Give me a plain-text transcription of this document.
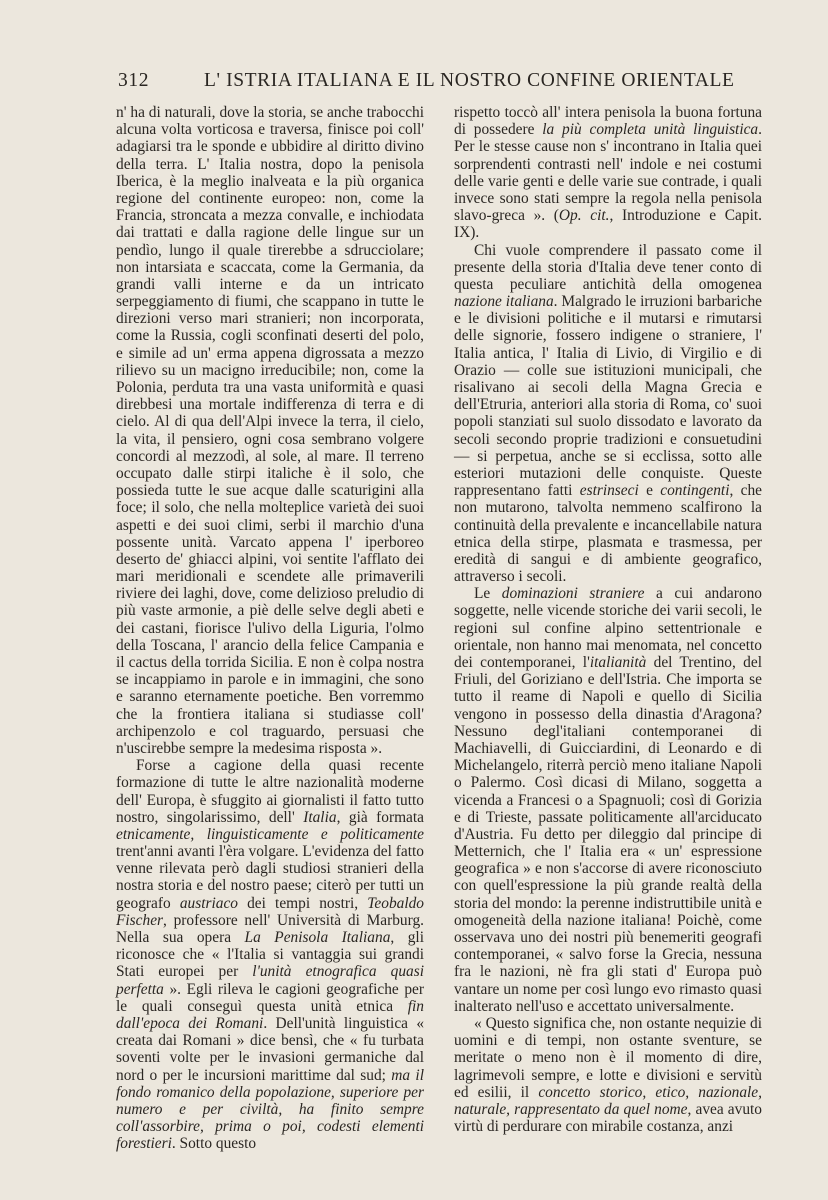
312	L' ISTRIA ITALIANA E IL NOSTRO CONFINE ORIENTALE

n' ha di naturali, dove la storia, se anche trabocchi alcuna volta vorticosa e traversa, finisce poi coll' adagiarsi tra le sponde e ubbidire al diritto divino della terra. L' Italia nostra, dopo la penisola Iberica, è la meglio inalveata e la più organica regione del continente europeo: non, come la Francia, stroncata a mezza convalle, e inchiodata dai trattati e dalla ragione delle lingue sur un pendìo, lungo il quale tirerebbe a sdrucciolare; non intarsiata e scaccata, come la Germania, da grandi valli interne e da un intricato serpeggiamento di fiumi, che scappano in tutte le direzioni verso mari stranieri; non incorporata, come la Russia, cogli sconfinati deserti del polo, e simile ad un' erma appena digrossata a mezzo rilievo su un macigno irreducibile; non, come la Polonia, perduta tra una vasta uniformità e quasi direbbesi una mortale indifferenza di terra e di cielo. Al di qua dell'Alpi invece la terra, il cielo, la vita, il pensiero, ogni cosa sembrano volgere concordi al mezzodì, al sole, al mare. Il terreno occupato dalle stirpi italiche è il solo, che possieda tutte le sue acque dalle scaturigini alla foce; il solo, che nella molteplice varietà dei suoi aspetti e dei suoi climi, serbi il marchio d'una possente unità. Varcato appena l' iperboreo deserto de' ghiacci alpini, voi sentite l'afflato dei mari meridionali e scendete alle primaverili riviere dei laghi, dove, come delizioso preludio di più vaste armonie, a piè delle selve degli abeti e dei castani, fiorisce l'ulivo della Liguria, l'olmo della Toscana, l' arancio della felice Campania e il cactus della torrida Sicilia. E non è colpa nostra se incappiamo in parole e in immagini, che sono e saranno eternamente poetiche. Ben vorremmo che la frontiera italiana si studiasse coll' archipenzolo e col traguardo, persuasi che n'uscirebbe sempre la medesima risposta ».

Forse a cagione della quasi recente formazione di tutte le altre nazionalità moderne dell' Europa, è sfuggito ai giornalisti il fatto tutto nostro, singolarissimo, dell' Italia, già formata etnicamente, linguisticamente e politicamente trent'anni avanti l'èra volgare. L'evidenza del fatto venne rilevata però dagli studiosi stranieri della nostra storia e del nostro paese; citerò per tutti un geografo austriaco dei tempi nostri, Teobaldo Fischer, professore nell' Università di Marburg. Nella sua opera La Penisola Italiana, gli riconosce che « l'Italia si vantaggia sui grandi Stati europei per l'unità etnografica quasi perfetta ». Egli rileva le cagioni geografiche per le quali conseguì questa unità etnica fin dall'epoca dei Romani. Dell'unità linguistica « creata dai Romani » dice bensì, che « fu turbata soventi volte per le invasioni germaniche dal nord o per le incursioni marittime dal sud; ma il fondo romanico della popolazione, superiore per numero e per civiltà, ha finito sempre coll'assorbire, prima o poi, codesti elementi forestieri. Sotto questo

rispetto toccò all' intera penisola la buona fortuna di possedere la più completa unità linguistica. Per le stesse cause non s' incontrano in Italia quei sorprendenti contrasti nell' indole e nei costumi delle varie genti e delle varie sue contrade, i quali invece sono stati sempre la regola nella penisola slavo-greca ». (Op. cit., Introduzione e Capit. IX).

Chi vuole comprendere il passato come il presente della storia d'Italia deve tener conto di questa peculiare antichità della omogenea nazione italiana. Malgrado le irruzioni barbariche e le divisioni politiche e il mutarsi e rimutarsi delle signorie, fossero indigene o straniere, l' Italia antica, l' Italia di Livio, di Virgilio e di Orazio — colle sue istituzioni municipali, che risalivano ai secoli della Magna Grecia e dell'Etruria, anteriori alla storia di Roma, co' suoi popoli stanziati sul suolo dissodato e lavorato da secoli secondo proprie tradizioni e consuetudini — si perpetua, anche se si ecclissa, sotto alle esteriori mutazioni delle conquiste. Queste rappresentano fatti estrinseci e contingenti, che non mutarono, talvolta nemmeno scalfirono la continuità della prevalente e incancellabile natura etnica della stirpe, plasmata e trasmessa, per eredità di sangui e di ambiente geografico, attraverso i secoli.

Le dominazioni straniere a cui andarono soggette, nelle vicende storiche dei varii secoli, le regioni sul confine alpino settentrionale e orientale, non hanno mai menomata, nel concetto dei contemporanei, l'italianità del Trentino, del Friuli, del Goriziano e dell'Istria. Che importa se tutto il reame di Napoli e quello di Sicilia vengono in possesso della dinastia d'Aragona? Nessuno degl'italiani contemporanei di Machiavelli, di Guicciardini, di Leonardo e di Michelangelo, riterrà perciò meno italiane Napoli o Palermo. Così dicasi di Milano, soggetta a vicenda a Francesi o a Spagnuoli; così di Gorizia e di Trieste, passate politicamente all'arciducato d'Austria. Fu detto per dileggio dal principe di Metternich, che l' Italia era « un' espressione geografica » e non s'accorse di avere riconosciuto con quell'espressione la più grande realtà della storia del mondo: la perenne indistruttibile unità e omogeneità della nazione italiana! Poichè, come osservava uno dei nostri più benemeriti geografi contemporanei, « salvo forse la Grecia, nessuna fra le nazioni, nè fra gli stati d' Europa può vantare un nome per così lungo evo rimasto quasi inalterato nell'uso e accettato universalmente.

« Questo significa che, non ostante nequizie di uomini e di tempi, non ostante sventure, se meritate o meno non è il momento di dire, lagrimevoli sempre, e lotte e divisioni e servitù ed esilii, il concetto storico, etico, nazionale, naturale, rappresentato da quel nome, avea avuto virtù di perdurare con mirabile costanza, anzi
